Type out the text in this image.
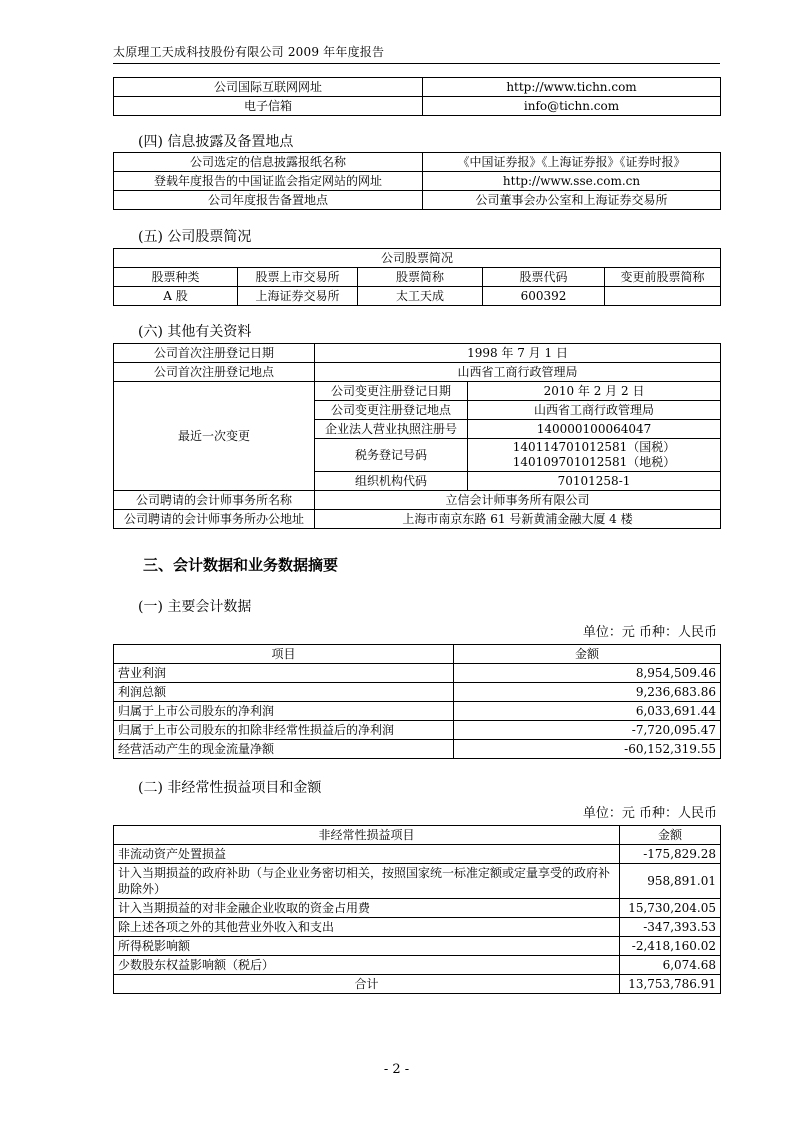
太原理工天成科技股份有限公司 2009 年年度报告
公司国际互联网网址	http://www.tichn.com
电子信箱	info@tichn.com
(四) 信息披露及备置地点
公司选定的信息披露报纸名称	《中国证券报》《上海证券报》《证券时报》
登载年度报告的中国证监会指定网站的网址	http://www.sse.com.cn
公司年度报告备置地点	公司董事会办公室和上海证券交易所
(五) 公司股票简况
公司股票简况				
股票种类	股票上市交易所	股票简称	股票代码	变更前股票简称
A 股	上海证券交易所	太工天成	600392	
(六) 其他有关资料
公司首次注册登记日期	1998 年 7 月 1 日	
公司首次注册登记地点	山西省工商行政管理局	
最近一次变更	公司变更注册登记日期	2010 年 2 月 2 日
	公司变更注册登记地点	山西省工商行政管理局
	企业法人营业执照注册号	140000100064047
	税务登记号码	140114701012581（国税）
140109701012581（地税）

	组织机构代码	70101258-1
公司聘请的会计师事务所名称	立信会计师事务所有限公司	
公司聘请的会计师事务所办公地址	上海市南京东路 61 号新黄浦金融大厦 4 楼	
三、会计数据和业务数据摘要
(一) 主要会计数据
单位：元 币种：人民币
项目	金额
营业利润	8,954,509.46
利润总额	9,236,683.86
归属于上市公司股东的净利润	6,033,691.44
归属于上市公司股东的扣除非经常性损益后的净利润	-7,720,095.47
经营活动产生的现金流量净额	-60,152,319.55
(二) 非经常性损益项目和金额
单位：元 币种：人民币
非经常性损益项目	金额
非流动资产处置损益	-175,829.28
计入当期损益的政府补助（与企业业务密切相关，按照国家统一标准定额或定量享受的政府补助除外）	958,891.01
计入当期损益的对非金融企业收取的资金占用费	15,730,204.05
除上述各项之外的其他营业外收入和支出	-347,393.53
所得税影响额	-2,418,160.02
少数股东权益影响额（税后）	6,074.68
合计	13,753,786.91
- 2 -
